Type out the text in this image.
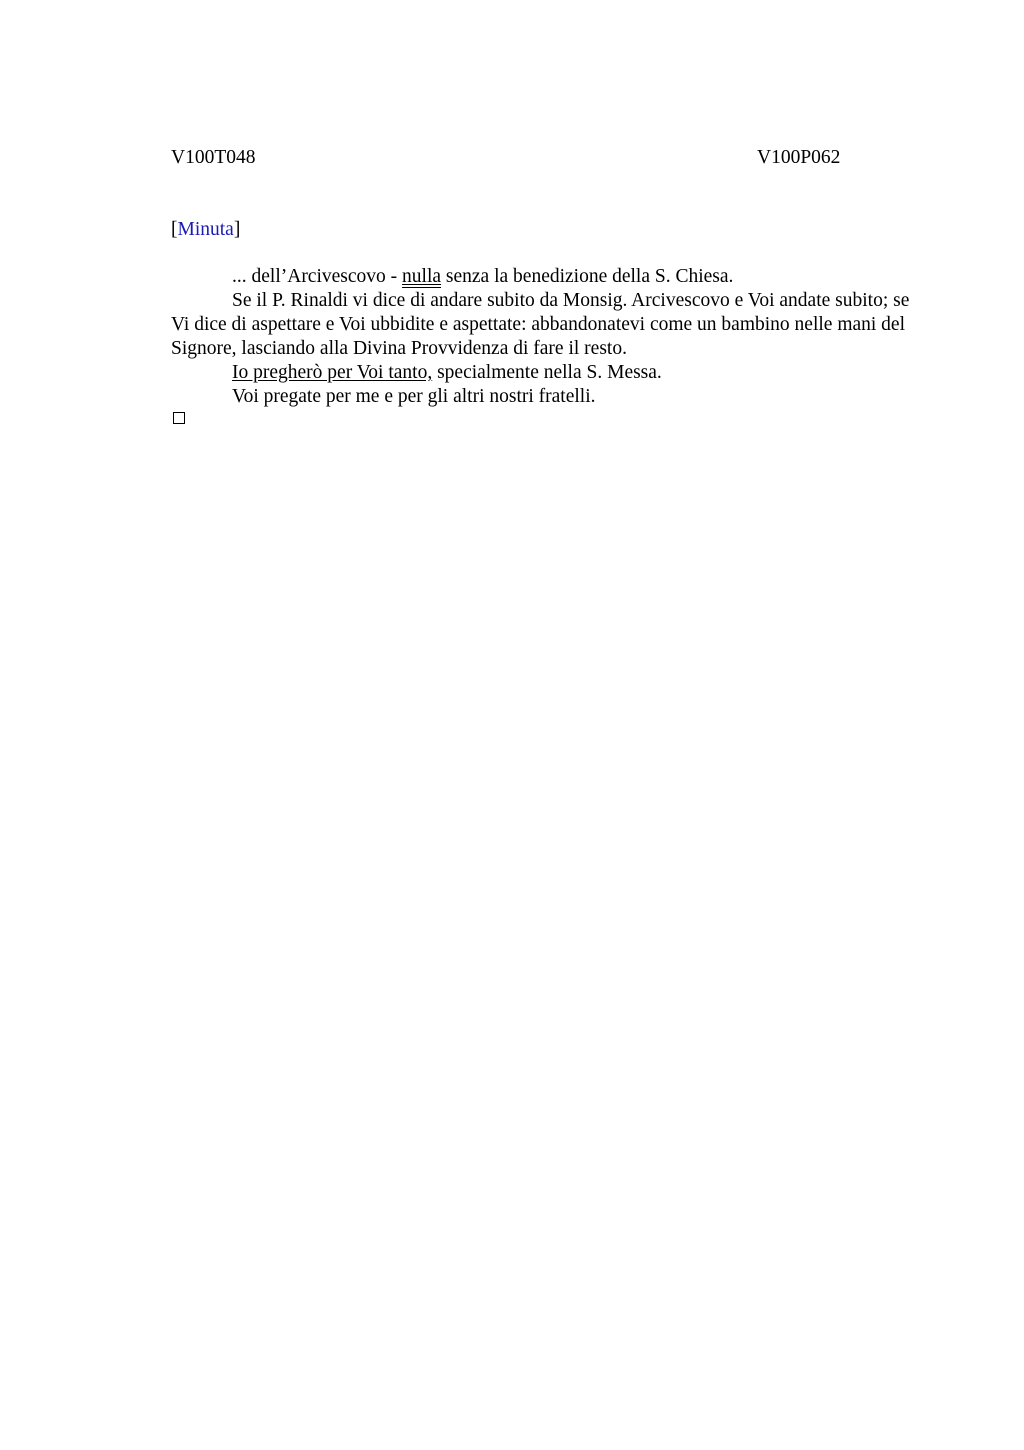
V100T048	V100P062

[Minuta]

... dell’Arcivescovo - nulla senza la benedizione della S. Chiesa.

Se il P. Rinaldi vi dice di andare subito da Monsig. Arcivescovo e Voi andate subito; se Vi dice di aspettare e Voi ubbidite e aspettate: abbandonatevi come un bambino nelle mani del Signore, lasciando alla Divina Provvidenza di fare il resto.

Io pregherò per Voi tanto, specialmente nella S. Messa.

Voi pregate per me e per gli altri nostri fratelli.
